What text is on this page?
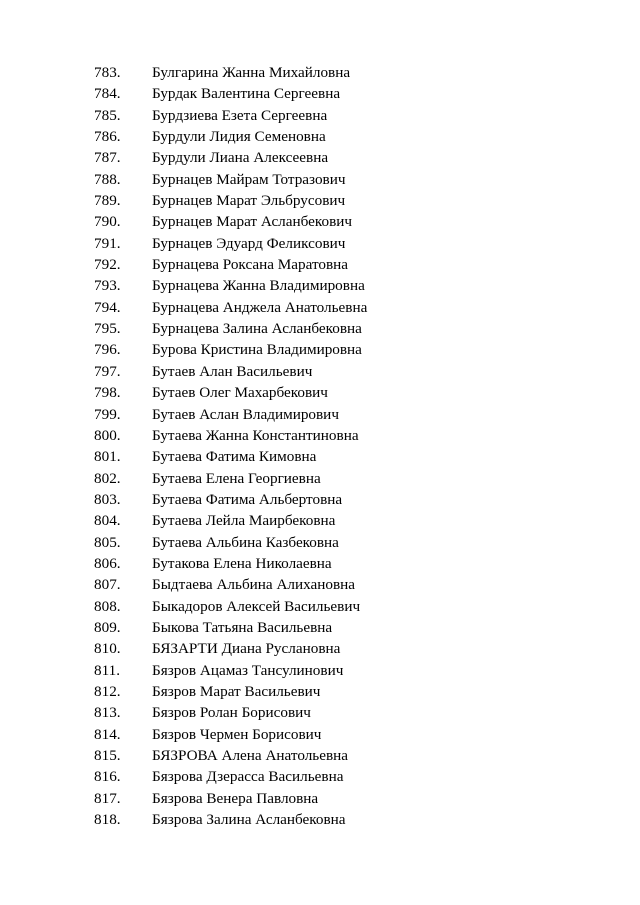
783.	Булгарина Жанна Михайловна
784.	Бурдак Валентина Сергеевна
785.	Бурдзиева Езета Сергеевна
786.	Бурдули Лидия Семеновна
787.	Бурдули Лиана Алексеевна
788.	Бурнацев Майрам Тотразович
789.	Бурнацев Марат Эльбрусович
790.	Бурнацев Марат Асланбекович
791.	Бурнацев Эдуард Феликсович
792.	Бурнацева Роксана Маратовна
793.	Бурнацева Жанна Владимировна
794.	Бурнацева Анджела Анатольевна
795.	Бурнацева Залина Асланбековна
796.	Бурова Кристина Владимировна
797.	Бутаев Алан Васильевич
798.	Бутаев Олег Махарбекович
799.	Бутаев Аслан Владимирович
800.	Бутаева Жанна Константиновна
801.	Бутаева Фатима Кимовна
802.	Бутаева Елена Георгиевна
803.	Бутаева Фатима Альбертовна
804.	Бутаева Лейла Маирбековна
805.	Бутаева Альбина Казбековна
806.	Бутакова Елена Николаевна
807.	Быдтаева Альбина Алихановна
808.	Быкадоров Алексей Васильевич
809.	Быкова Татьяна Васильевна
810.	БЯЗАРТИ Диана Руслановна
811.	Бязров Ацамаз Тансулинович
812.	Бязров Марат Васильевич
813.	Бязров Ролан Борисович
814.	Бязров Чермен Борисович
815.	БЯЗРОВА Алена Анатольевна
816.	Бязрова Дзерасса Васильевна
817.	Бязрова Венера Павловна
818.	Бязрова Залина Асланбековна
